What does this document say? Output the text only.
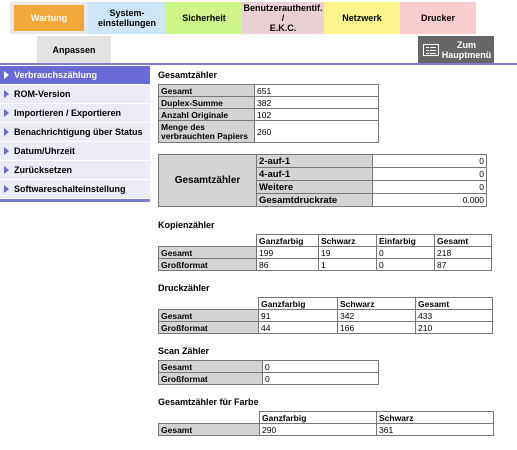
Wartung	System-
einstellungen	Sicherheit
Benutzerauthentif. /
E.K.C.
Netzwerk	Drucker
Anpassen	Zum
Hauptmenü
Verbrauchszählung
ROM-Version
Importieren / Exportieren
Benachrichtigung über Status
Datum/Uhrzeit
Zurücksetzen
Softwareschalteinstellung
Gesamtzähler
Gesamt	651
Duplex-Summe	382
Anzahl Originale	102
Menge des
verbrauchten Papiers	260
Gesamtzähler	2-auf-1	0
	4-auf-1	0
	Weitere	0
	Gesamtdruckrate	0.000
Kopienzähler
	Ganzfarbig	Schwarz	Einfarbig	Gesamt
Gesamt	199	19	0	218
Großformat	86	1	0	87
Druckzähler
	Ganzfarbig	Schwarz	Gesamt
Gesamt	91	342	433
Großformat	44	166	210
Scan Zähler
Gesamt	0
Großformat	0
Gesamtzähler für Farbe
	Ganzfarbig	Schwarz
Gesamt	290	361
